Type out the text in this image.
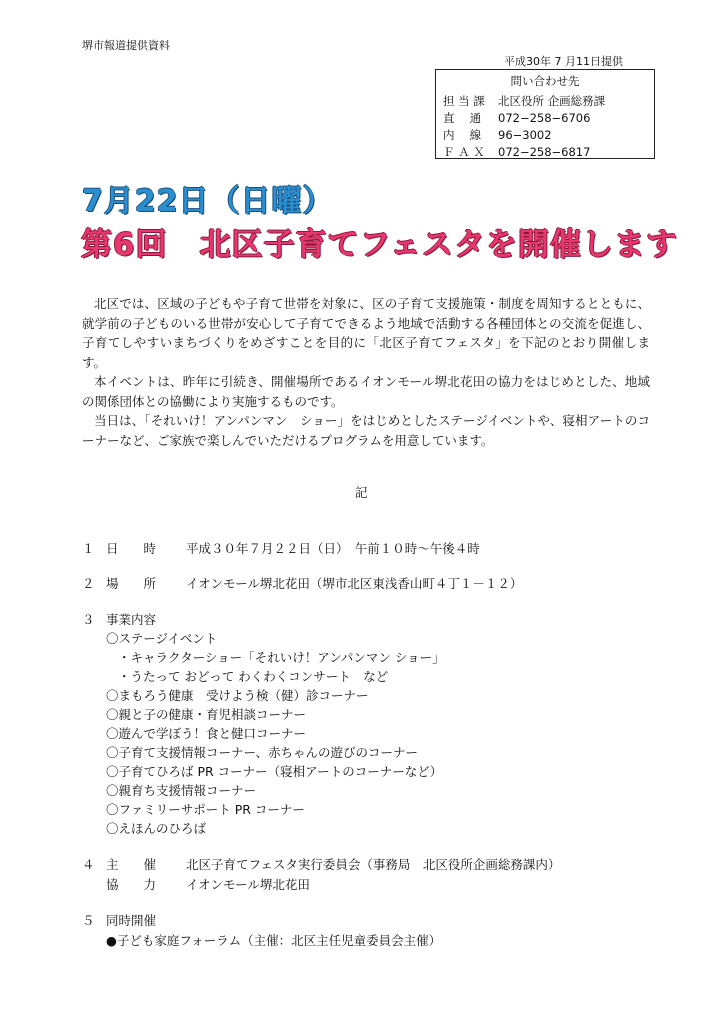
堺市報道提供資料
平成30年 7 月11日提供
問い合わせ先
担 当 課 北区役所 企画総務課
直　 通 072−258−6706
内　 線 96−3002
Ｆ Ａ Ｘ 072−258−6817
7月22日（日曜）
第6回　北区子育てフェスタを開催します

北区では、区域の子どもや子育て世帯を対象に、区の子育て支援施策・制度を周知するとともに、就学前の子どものいる世帯が安心して子育てできるよう地域で活動する各種団体との交流を促進し、子育てしやすいまちづくりをめざすことを目的に「北区子育てフェスタ」を下記のとおり開催します。

本イベントは、昨年に引続き、開催場所であるイオンモール堺北花田の協力をはじめとした、地域の関係団体との協働により実施するものです。

当日は、「それいけ！アンパンマン　ショー」をはじめとしたステージイベントや、寝相アートのコーナーなど、ご家族で楽しんでいただけるプログラムを用意しています。

記
１ 日　　時 平成３０年７月２２日（日）　午前１０時～午後４時
２ 場　　所 イオンモール堺北花田（堺市北区東浅香山町４丁１－１２）
３ 事業内容
〇ステージイベント
・キャラクターショー「それいけ！アンパンマン ショー」
・うたって おどって わくわくコンサート　など
〇まもろう健康　受けよう検（健）診コーナー
〇親と子の健康・育児相談コーナー
〇遊んで学ぼう！食と健口コーナー
〇子育て支援情報コーナー、赤ちゃんの遊びのコーナー
〇子育てひろば PR コーナー（寝相アートのコーナーなど）
〇親育ち支援情報コーナー
〇ファミリーサポート PR コーナー
〇えほんのひろば
４ 主　　催 北区子育てフェスタ実行委員会（事務局　北区役所企画総務課内）
協　　力 イオンモール堺北花田
５ 同時開催
●子ども家庭フォーラム（主催：北区主任児童委員会主催）
